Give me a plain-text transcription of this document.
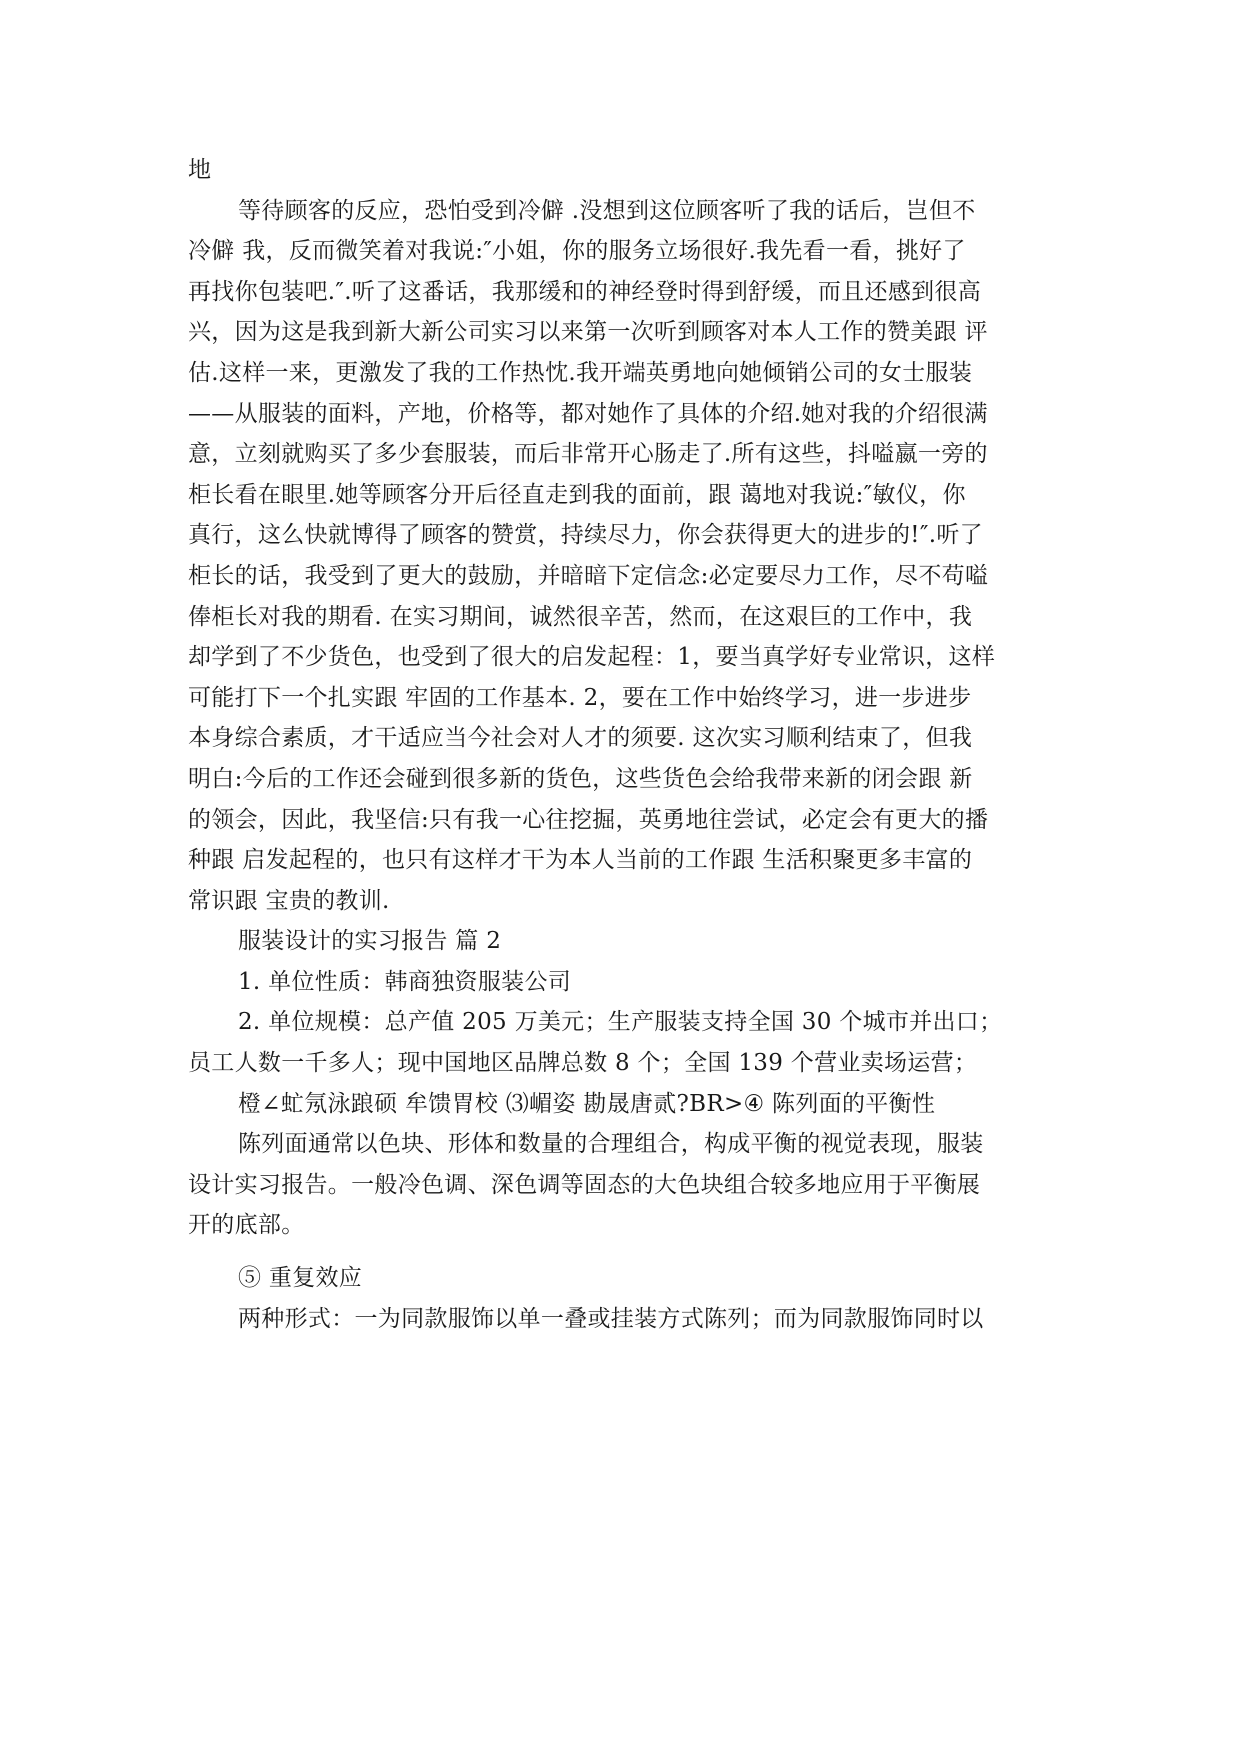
地
等待顾客的反应，恐怕受到冷僻 .没想到这位顾客听了我的话后，岂但不
冷僻 我，反而微笑着对我说:″小姐，你的服务立场很好.我先看一看，挑好了
再找你包装吧.″.听了这番话，我那缓和的神经登时得到舒缓，而且还感到很高
兴，因为这是我到新大新公司实习以来第一次听到顾客对本人工作的赞美跟 评
估.这样一来，更激发了我的工作热忱.我开端英勇地向她倾销公司的女士服装
——从服装的面料，产地，价格等，都对她作了具体的介绍.她对我的介绍很满
意，立刻就购买了多少套服装，而后非常开心肠走了.所有这些，抖嗌嬴一旁的
柜长看在眼里.她等顾客分开后径直走到我的面前，跟 蔼地对我说:″敏仪，你
真行，这么快就博得了顾客的赞赏，持续尽力，你会获得更大的进步的!″.听了
柜长的话，我受到了更大的鼓励，并暗暗下定信念:必定要尽力工作，尽不苟嗌
俸柜长对我的期看. 在实习期间，诚然很辛苦，然而，在这艰巨的工作中，我
却学到了不少货色，也受到了很大的启发起程：1，要当真学好专业常识，这样
可能打下一个扎实跟 牢固的工作基本. 2，要在工作中始终学习，进一步进步
本身综合素质，才干适应当今社会对人才的须要. 这次实习顺利结束了，但我
明白:今后的工作还会碰到很多新的货色，这些货色会给我带来新的闭会跟 新
的领会，因此，我坚信:只有我一心往挖掘，英勇地往尝试，必定会有更大的播
种跟 启发起程的，也只有这样才干为本人当前的工作跟 生活积聚更多丰富的
常识跟 宝贵的教训.
服装设计的实习报告 篇 2
1. 单位性质：韩商独资服装公司
2. 单位规模：总产值 205 万美元；生产服装支持全国 30 个城市并出口；
员工人数一千多人；现中国地区品牌总数 8 个；全国 139 个营业卖场运营；
橙∠虻氖泳踉硕 牟馈胃校 ⑶嵋姿 勘晟唐贰?BR>④ 陈列面的平衡性
陈列面通常以色块、形体和数量的合理组合，构成平衡的视觉表现，服装
设计实习报告。一般冷色调、深色调等固态的大色块组合较多地应用于平衡展
开的底部。
⑤ 重复效应
两种形式：一为同款服饰以单一叠或挂装方式陈列；而为同款服饰同时以
